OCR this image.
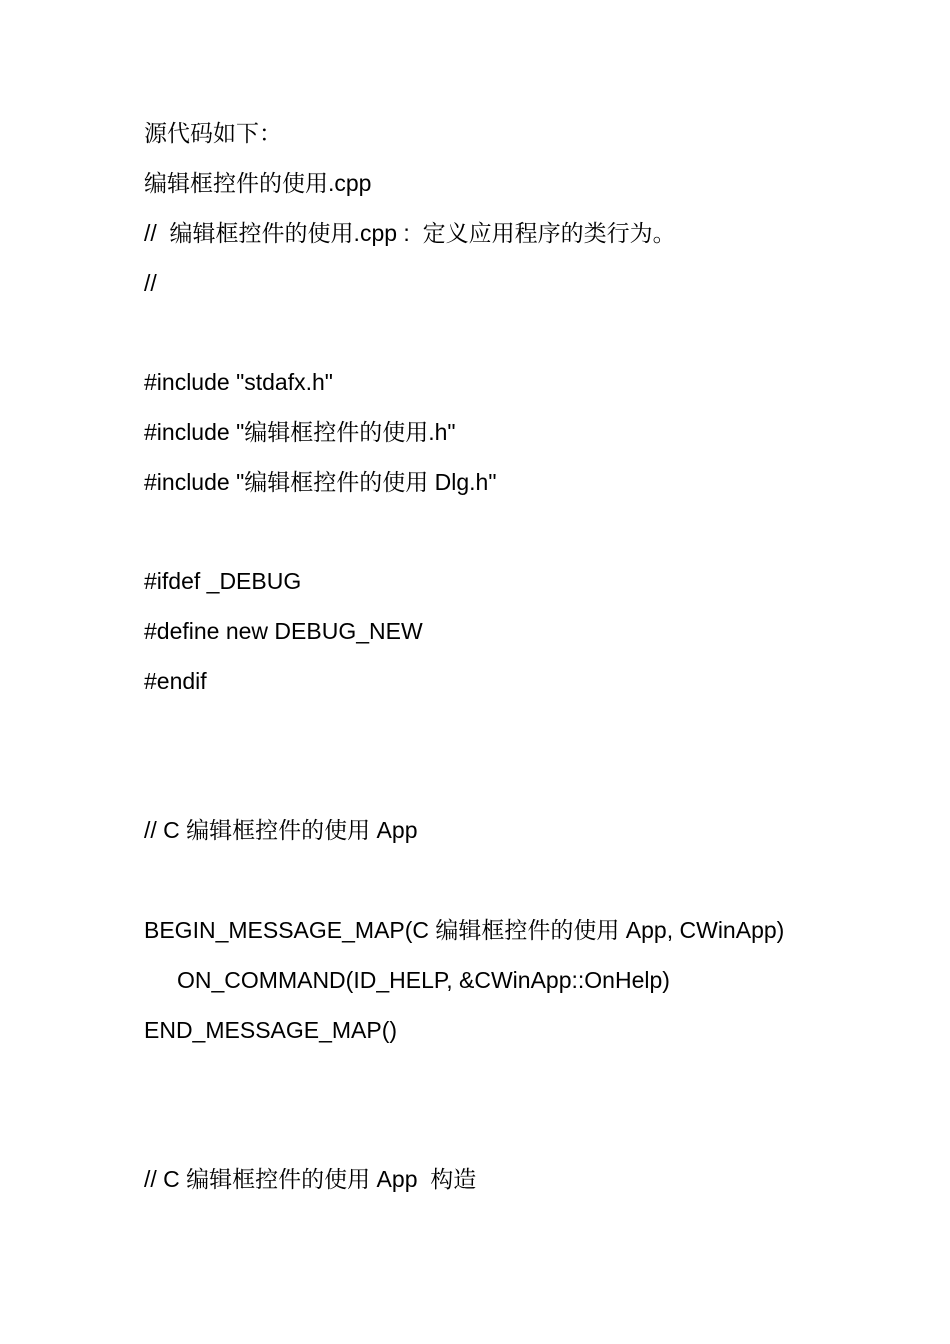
源代码如下：
编辑框控件的使用.cpp
//  编辑框控件的使用.cpp :  定义应用程序的类行为。
//
#include "stdafx.h"
#include "编辑框控件的使用.h"
#include "编辑框控件的使用 Dlg.h"
#ifdef _DEBUG
#define new DEBUG_NEW
#endif
// C 编辑框控件的使用 App
BEGIN_MESSAGE_MAP(C 编辑框控件的使用 App, CWinApp)
ON_COMMAND(ID_HELP, &CWinApp::OnHelp)
END_MESSAGE_MAP()
// C 编辑框控件的使用 App  构造
